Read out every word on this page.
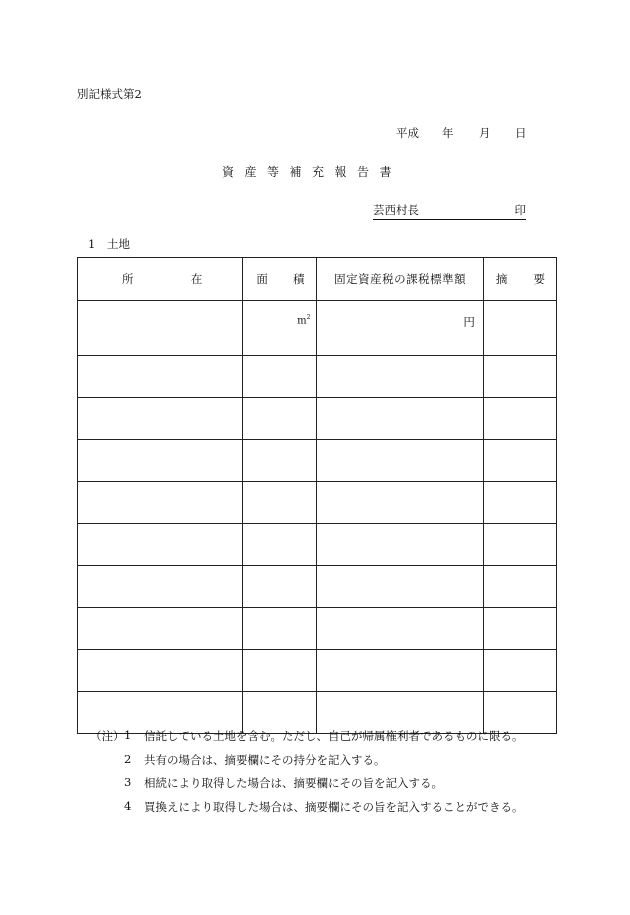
別記様式第2
平成	年	月	日
資産等補充報告書
芸西村長	印
1 土地
所 在	面 積	固定資産税の課税標準額	摘 要

	$m^2$	円	

（注） 1	信託している土地を含む。ただし、自己が帰属権利者であるものに限る。
2	共有の場合は、摘要欄にその持分を記入する。
3	相続により取得した場合は、摘要欄にその旨を記入する。
4	買換えにより取得した場合は、摘要欄にその旨を記入することができる。
